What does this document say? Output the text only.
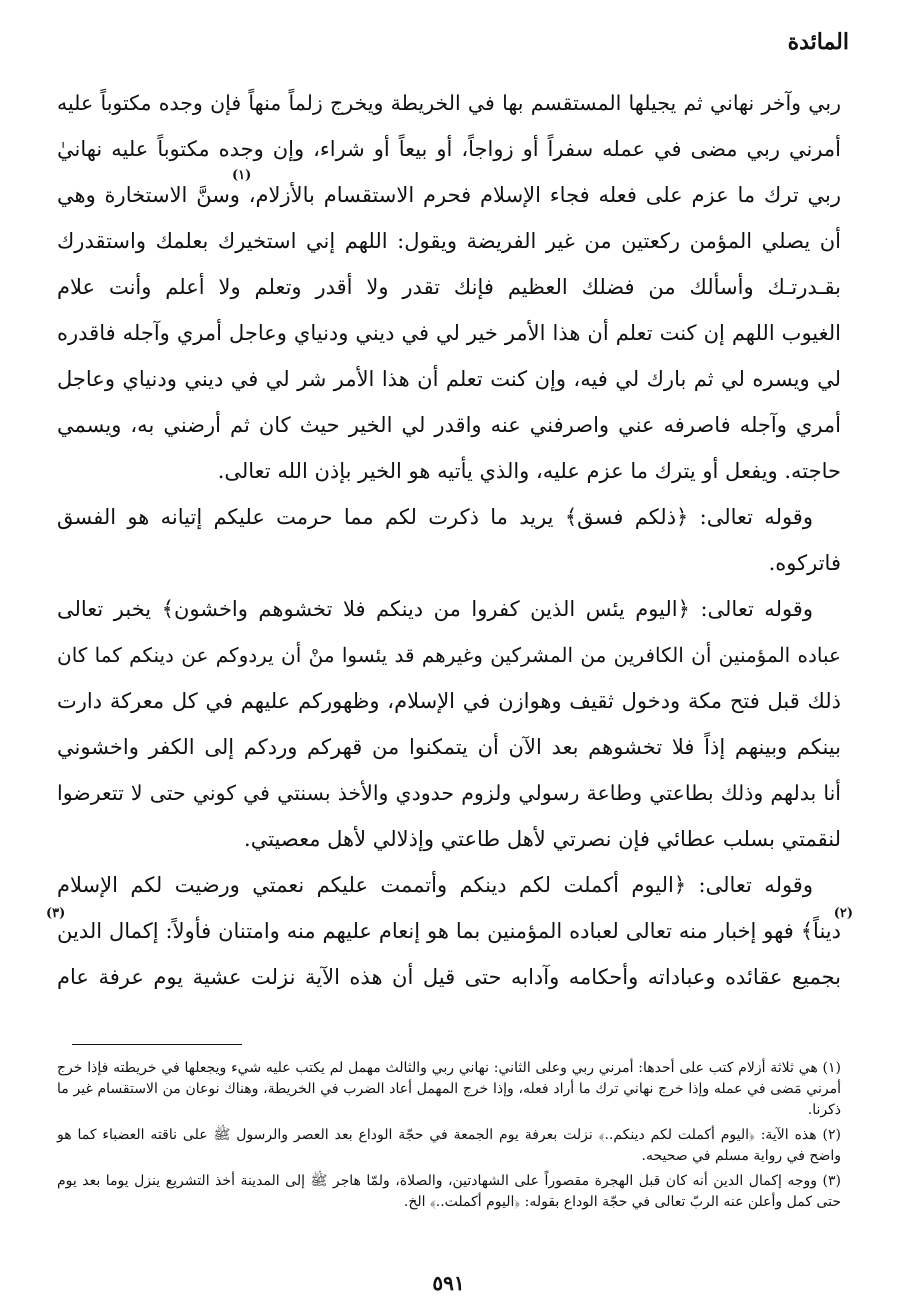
المائدة
ربي وآخر نهاني ثم يجيلها المستقسم بها في الخريطة ويخرج زلماً منهاً فإن وجده مكتوباً عليه
أمرني ربي مضى في عمله سفراً أو زواجاً، أو بيعاً أو شراء، وإن وجده مكتوباً عليه نهانيٰ
ربي ترك ما عزم على فعله فجاء الإسلام فحرم الاستقسام بالأزلام، وسنَّ الاستخارة وهي
أن يصلي المؤمن ركعتين من غير الفريضة ويقول: اللهم إني استخيرك بعلمك واستقدرك
بقـدرتـك وأسألك من فضلك العظيم فإنك تقدر ولا أقدر وتعلم ولا أعلم وأنت علام
الغيوب اللهم إن كنت تعلم أن هذا الأمر خير لي في ديني ودنياي وعاجل أمري وآجله فاقدره
لي ويسره لي ثم بارك لي فيه، وإن كنت تعلم أن هذا الأمر شر لي في ديني ودنياي وعاجل
أمري وآجله فاصرفه عني واصرفني عنه واقدر لي الخير حيث كان ثم أرضني به، ويسمي
حاجته. ويفعل أو يترك ما عزم عليه، والذي يأتيه هو الخير بإذن الله تعالى.
وقوله تعالى: ﴿ذلكم فسق﴾ يريد ما ذكرت لكم مما حرمت عليكم إتيانه هو الفسق
فاتركوه.
وقوله تعالى: ﴿اليوم يئس الذين كفروا من دينكم فلا تخشوهم واخشون﴾ يخبر تعالى
عباده المؤمنين أن الكافرين من المشركين وغيرهم قد يئسوا منْ أن يردوكم عن دينكم كما كان
ذلك قبل فتح مكة ودخول ثقيف وهوازن في الإسلام، وظهوركم عليهم في كل معركة دارت
بينكم وبينهم إذاً فلا تخشوهم بعد الآن أن يتمكنوا من قهركم وردكم إلى الكفر واخشوني
أنا بدلهم وذلك بطاعتي وطاعة رسولي ولزوم حدودي والأخذ بسنتي في كوني حتى لا تتعرضوا
لنقمتي بسلب عطائي فإن نصرتي لأهل طاعتي وإذلالي لأهل معصيتي.
وقوله تعالى: ﴿اليوم أكملت لكم دينكم وأتممت عليكم نعمتي ورضيت لكم الإسلام
ديناً﴾ فهو إخبار منه تعالى لعباده المؤمنين بما هو إنعام عليهم منه وامتنان فأولاً: إكمال الدين
بجميع عقائده وعباداته وأحكامه وآدابه حتى قيل أن هذه الآية نزلت عشية يوم عرفة عام
(١)
(٢)
(٣)

(١) هي ثلاثة أزلام كتب على أحدها: أمرني ربي وعلى الثاني: نهاني ربي والثالث مهمل لم يكتب عليه شيء ويجعلها في خريطته فإذا خرج أمرني مَضى في عمله وإذا خرج نهاني ترك ما أراد فعله، وإذا خرج المهمل أعاد الضرب في الخريطة، وهناك نوعان من الاستقسام غير ما ذكرنا.

(٢) هذه الآية: ﴿اليوم أكملت لكم دينكم..﴾ نزلت بعرفة يوم الجمعة في حجّة الوداع بعد العصر والرسول ﷺ على ناقته العضباء كما هو واضح في رواية مسلم في صحيحه.

(٣) ووجه إكمال الدين أنه كان قبل الهجرة مقصوراً على الشهادتين، والصلاة، ولمّا هاجر ﷺ إلى المدينة أخذ التشريع ينزل يوما بعد يوم حتى كمل وأعلن عنه الربّ تعالى في حجّة الوداع بقوله: ﴿اليوم أكملت..﴾ الخ.

٥٩١
